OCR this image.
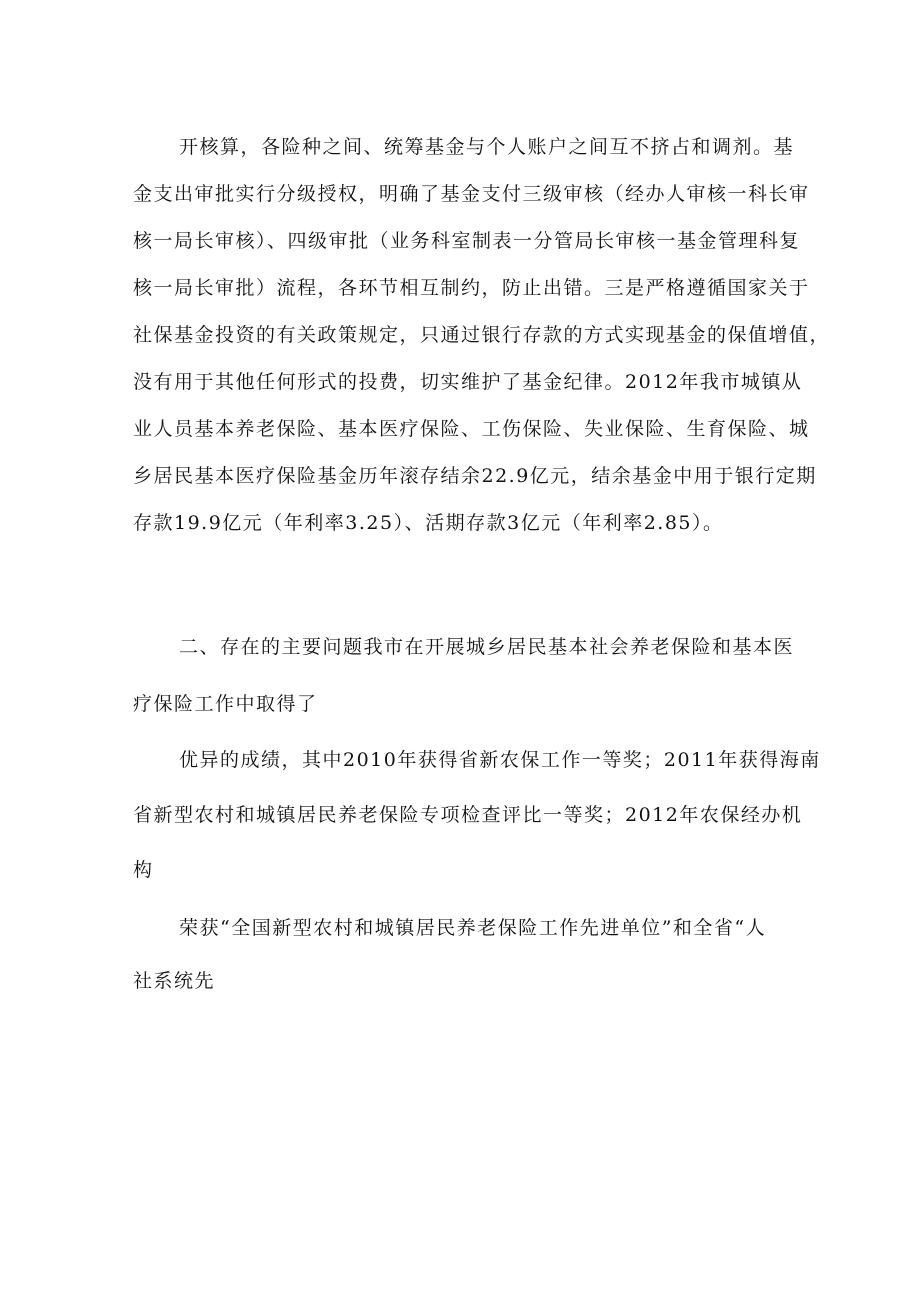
开核算，各险种之间、统筹基金与个人账户之间互不挤占和调剂。基
金支出审批实行分级授权，明确了基金支付三级审核（经办人审核一科长审
核一局长审核）、四级审批（业务科室制表一分管局长审核一基金管理科复
核一局长审批）流程，各环节相互制约，防止出错。三是严格遵循国家关于
社保基金投资的有关政策规定，只通过银行存款的方式实现基金的保值增值，
没有用于其他任何形式的投费，切实维护了基金纪律。2012年我市城镇从
业人员基本养老保险、基本医疗保险、工伤保险、失业保险、生育保险、城
乡居民基本医疗保险基金历年滚存结余22.9亿元，结余基金中用于银行定期
存款19.9亿元（年利率3.25）、活期存款3亿元（年利率2.85）。
二、存在的主要问题我市在开展城乡居民基本社会养老保险和基本医
疗保险工作中取得了
优异的成绩，其中2010年获得省新农保工作一等奖；2011年获得海南
省新型农村和城镇居民养老保险专项检查评比一等奖；2012年农保经办机
构
荣获“全国新型农村和城镇居民养老保险工作先进单位”和全省“人
社系统先
